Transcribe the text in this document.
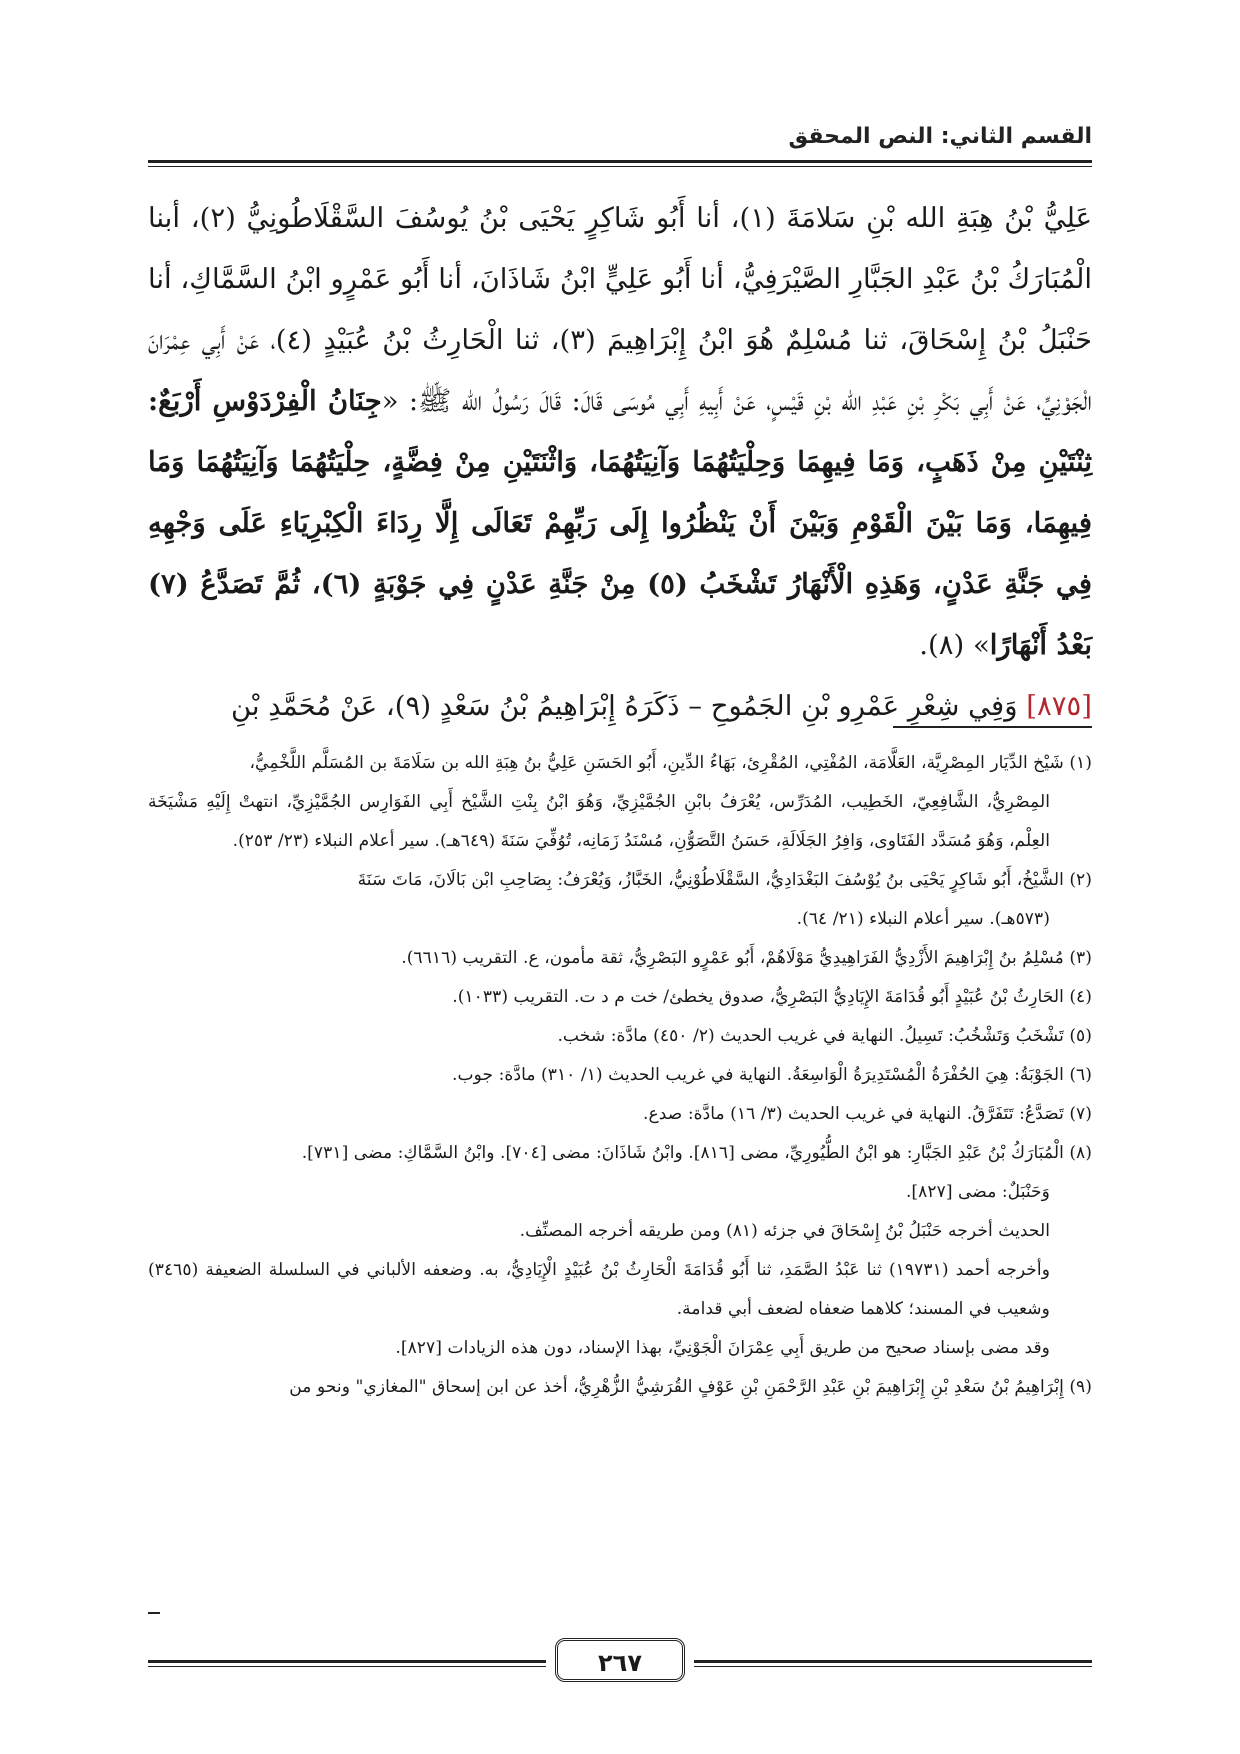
القسم الثاني: النص المحقق

عَلِيُّ بْنُ هِبَةِ الله بْنِ سَلامَةَ (١)، أنا أَبُو شَاكِرٍ يَحْيَى بْنُ يُوسُفَ السَّقْلَاطُونِيُّ (٢)، أبنا الْمُبَارَكُ بْنُ عَبْدِ الجَبَّارِ الصَّيْرَفِيُّ، أنا أَبُو عَلِيٍّ ابْنُ شَاذَانَ، أنا أَبُو عَمْرٍو ابْنُ السَّمَّاكِ، أنا حَنْبَلُ بْنُ إِسْحَاقَ، ثنا مُسْلِمٌ هُوَ ابْنُ إِبْرَاهِيمَ (٣)، ثنا الْحَارِثُ بْنُ عُبَيْدٍ (٤)، عَنْ أَبِي عِمْرَانَ الْجَوْنِيِّ، عَنْ أَبِي بَكْرِ بْنِ عَبْدِ الله بْنِ قَيْسٍ، عَنْ أَبِيهِ أَبِي مُوسَى قَالَ: قَالَ رَسُولُ الله ﷺ: «جِنَانُ الْفِرْدَوْسِ أَرْبَعٌ: ثِنْتَيْنِ مِنْ ذَهَبٍ، وَمَا فِيهِمَا وَحِلْيَتُهُمَا وَآنِيَتُهُمَا، وَاثْنَتَيْنِ مِنْ فِضَّةٍ، حِلْيَتُهُمَا وَآنِيَتُهُمَا وَمَا فِيهِمَا، وَمَا بَيْنَ الْقَوْمِ وَبَيْنَ أَنْ يَنْظُرُوا إِلَى رَبِّهِمْ تَعَالَى إِلَّا رِدَاءَ الْكِبْرِيَاءِ عَلَى وَجْهِهِ فِي جَنَّةِ عَدْنٍ، وَهَذِهِ الْأَنْهَارُ تَشْخَبُ (٥) مِنْ جَنَّةِ عَدْنٍ فِي جَوْبَةٍ (٦)، ثُمَّ تَصَدَّعُ (٧) بَعْدُ أَنْهَارًا» (٨).

[٨٧٥] وَفِي شِعْرِ عَمْرِو بْنِ الجَمُوحِ – ذَكَرَهُ إِبْرَاهِيمُ بْنُ سَعْدٍ (٩)، عَنْ مُحَمَّدِ بْنِ

(١) شَيْخ الدِّيَار المِصْرِيَّة، العَلَّامَة، المُفْتِي، المُقْرِئ، بَهَاءُ الدِّينِ، أَبُو الحَسَنِ عَلِيُّ بنُ هِبَةِ الله بن سَلَامَةَ بن المُسَلَّم اللَّخْمِيُّ،
المِصْرِيُّ، الشَّافِعِيّ، الخَطِيب، المُدَرِّس، يُعْرَفُ بابْنِ الجُمَّيْزِيِّ، وَهُوَ ابْنُ بِنْتِ الشَّيْخ أَبِي الفَوَارِس الجُمَّيْزِيِّ، انتهتْ إِلَيْهِ مَشْيَخَة العِلْم، وَهُوَ مُسَدَّد الفَتَاوى، وَافِرُ الجَلَالَةِ، حَسَنُ التَّصَوُّنِ، مُسْنَدُ زَمَانِه، تُوُفِّيَ سَنَةَ (٦٤٩هـ). سير أعلام النبلاء (٢٣/ ٢٥٣).

(٢) الشَّيْخُ، أَبُو شَاكِرٍ يَحْيَى بنُ يُوْسُفَ البَغْدَادِيُّ، السَّقْلَاطُوْنِيُّ، الخَبَّازُ، وَيُعْرَفُ: بِصَاحِبِ ابْن بَالَانَ، مَاتَ سَنَةَ
(٥٧٣هـ). سير أعلام النبلاء (٢١/ ٦٤).

(٣) مُسْلِمُ بنُ إِبْرَاهِيمَ الأَزْدِيُّ الفَرَاهِيدِيُّ مَوْلَاهُمْ، أَبُو عَمْرٍو البَصْرِيُّ، ثقة مأمون، ع. التقريب (٦٦١٦).

(٤) الحَارِثُ بْنُ عُبَيْدٍ أَبُو قُدَامَةَ الإِيَادِيُّ البَصْرِيُّ، صدوق يخطئ/ خت م د ت. التقريب (١٠٣٣).

(٥) تَشْخَبُ وَتَشْخُبُ: تَسِيلُ. النهاية في غريب الحديث (٢/ ٤٥٠) مادَّة: شخب.

(٦) الجَوْبَةُ: هِيَ الحُفْرَةُ الْمُسْتَدِيرَةُ الْوَاسِعَةُ. النهاية في غريب الحديث (١/ ٣١٠) مادَّة: جوب.

(٧) تَصَدَّعُ: تَتَفَرَّقُ. النهاية في غريب الحديث (٣/ ١٦) مادَّة: صدع.

(٨) الْمُبَارَكُ بْنُ عَبْدِ الجَبَّارِ: هو ابْنُ الطُّيُورِيِّ، مضى [٨١٦]. وابْنُ شَاذَانَ: مضى [٧٠٤]. وابْنُ السَّمَّاكِ: مضى [٧٣١].
وَحَنْبَلٌ: مضى [٨٢٧].

الحديث أخرجه حَنْبَلُ بْنُ إِسْحَاقَ في جزئه (٨١) ومن طريقه أخرجه المصنِّف.

وأخرجه أحمد (١٩٧٣١) ثنا عَبْدُ الصَّمَدِ، ثنا أَبُو قُدَامَةَ الْحَارِثُ بْنُ عُبَيْدٍ الْإِيَادِيُّ، به. وضعفه الألباني في السلسلة الضعيفة (٣٤٦٥) وشعيب في المسند؛ كلاهما ضعفاه لضعف أبي قدامة.

وقد مضى بإسناد صحيح من طريق أَبِي عِمْرَانَ الْجَوْنِيِّ، بهذا الإسناد، دون هذه الزيادات [٨٢٧].

(٩) إِبْرَاهِيمُ بْنُ سَعْدِ بْنِ إِبْرَاهِيمَ بْنِ عَبْدِ الرَّحْمَنِ بْنِ عَوْفٍ القُرَشِيُّ الزُّهْرِيُّ، أخذ عن ابن إسحاق "المغازي" ونحو من

٢٦٧
